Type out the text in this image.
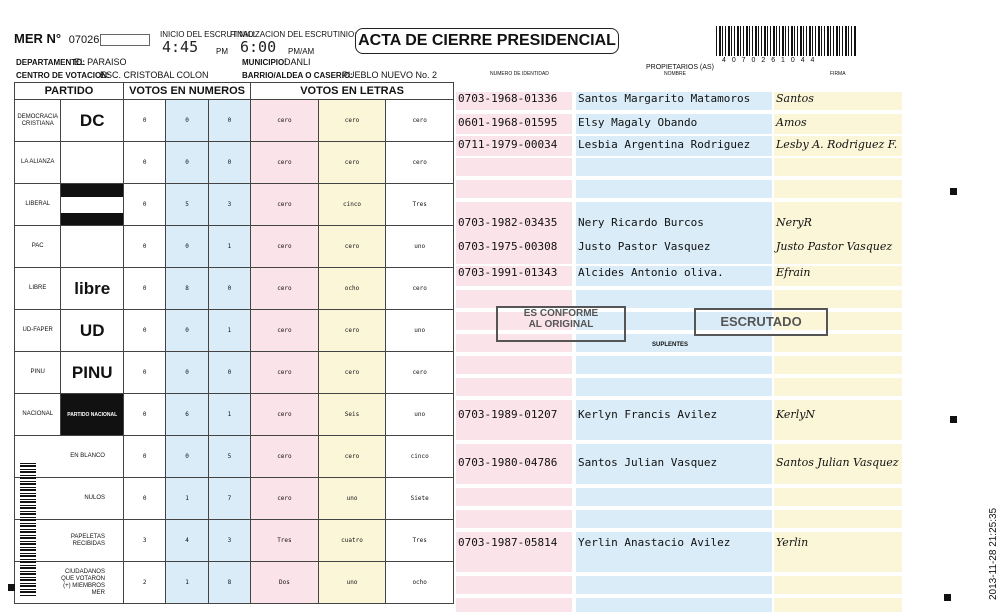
MER N° 07026	INICIO DEL ESCRUTINIO:
4:45 PM
FINALIZACION DEL ESCRUTINIO:
6:00 PM/AM
ACTA DE CIERRE PRESIDENCIAL
4 0 7 0 2 6 1 0 4 4
DEPARTAMENTO:
EL PARAISO	MUNICIPIO:
DANLI
CENTRO DE VOTACION:
ESC. CRISTOBAL COLON	BARRIO/ALDEA O CASERIO:
PUEBLO NUEVO No. 2	NUMERO DE IDENTIDAD
PROPIETARIOS (AS)
NOMBRE	FIRMA
PARTIDO		VOTOS EN NUMEROS			VOTOS EN LETRAS		
DEMOCRACIA CRISTIANA	DC	0	0	0	cero	cero	cero
LA ALIANZA		0	0	0	cero	cero	cero
LIBERAL		0	5	3	cero	cinco	Tres
PAC		0	0	1	cero	cero	uno
LIBRE	libre	0	8	0	cero	ocho	cero
UD-FAPER	UD	0	0	1	cero	cero	uno
PINU	PINU	0	0	0	cero	cero	cero
NACIONAL	PARTIDO NACIONAL	0	6	1	cero	Seis	uno
EN BLANCO		0	0	5	cero	cero	cinco
NULOS		0	1	7	cero	uno	Siete
PAPELETAS RECIBIDAS		3	4	3	Tres	cuatro	Tres
CIUDADANOS QUE VOTARON (+) MIEMBROS MER		2	1	8	Dos	uno	ocho
0703-1968-01336	Santos Margarito Matamoros	Santos
0601-1968-01595	Elsy Magaly Obando	Amos
0711-1979-00034	Lesbia Argentina Rodriguez	Lesby A. Rodriguez F.
0703-1982-03435	Nery Ricardo Burcos	NeryR
0703-1975-00308	Justo Pastor Vasquez	Justo Pastor Vasquez
0703-1991-01343	Alcides Antonio oliva.	Efrain
0703-1989-01207	Kerlyn Francis Avilez	KerlyN
0703-1980-04786	Santos Julian Vasquez	Santos Julian Vasquez
0703-1987-05814	Yerlin Anastacio Avilez	Yerlin
SUPLENTES
ES CONFORME
AL ORIGINAL	ESCRUTADO
2013-11-28 21:25:35
